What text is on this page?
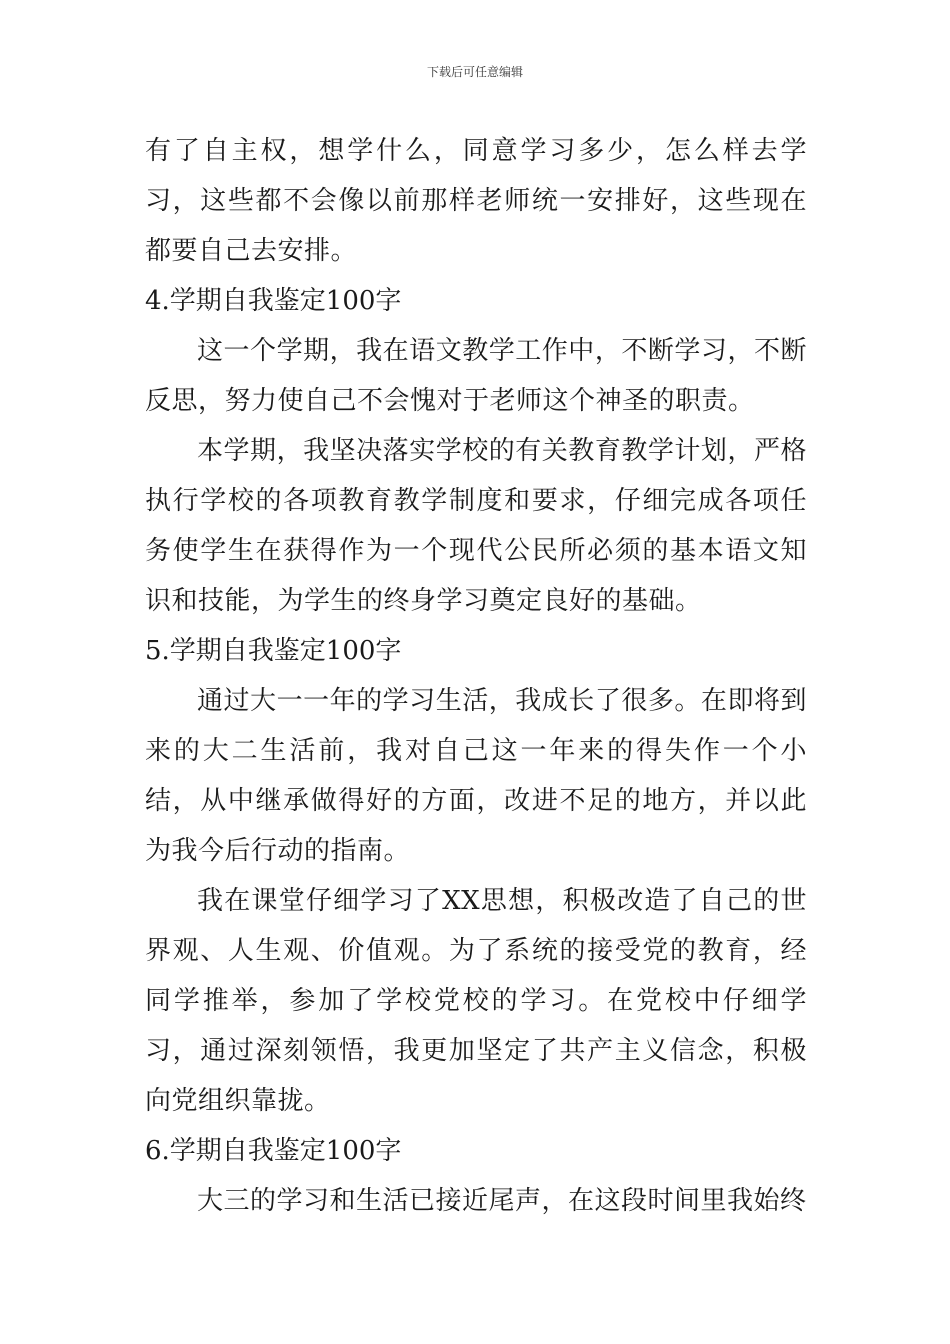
下载后可任意编辑

有了自主权，想学什么，同意学习多少，怎么样去学习，这些都不会像以前那样老师统一安排好，这些现在都要自己去安排。

4.学期自我鉴定100字

这一个学期，我在语文教学工作中，不断学习，不断反思，努力使自己不会愧对于老师这个神圣的职责。

本学期，我坚决落实学校的有关教育教学计划，严格执行学校的各项教育教学制度和要求，仔细完成各项任务使学生在获得作为一个现代公民所必须的基本语文知识和技能，为学生的终身学习奠定良好的基础。

5.学期自我鉴定100字

通过大一一年的学习生活，我成长了很多。在即将到来的大二生活前，我对自己这一年来的得失作一个小结，从中继承做得好的方面，改进不足的地方，并以此为我今后行动的指南。

我在课堂仔细学习了XX思想，积极改造了自己的世界观、人生观、价值观。为了系统的接受党的教育，经同学推举，参加了学校党校的学习。在党校中仔细学习，通过深刻领悟，我更加坚定了共产主义信念，积极向党组织靠拢。

6.学期自我鉴定100字

大三的学习和生活已接近尾声，在这段时间里我始终
